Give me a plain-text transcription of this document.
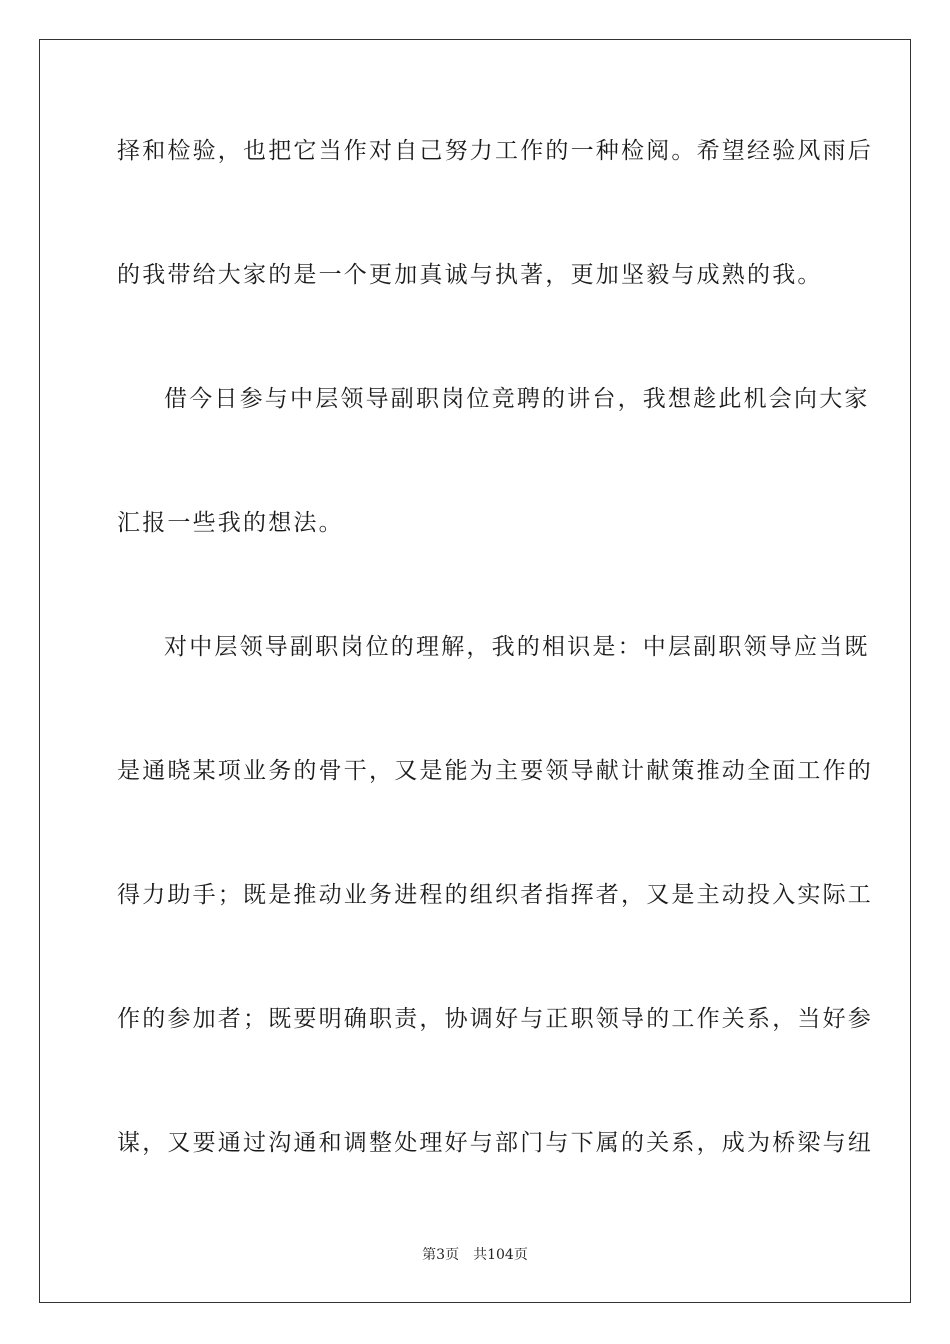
择和检验，也把它当作对自己努力工作的一种检阅。希望经验风雨后
的我带给大家的是一个更加真诚与执著，更加坚毅与成熟的我。
借今日参与中层领导副职岗位竞聘的讲台，我想趁此机会向大家
汇报一些我的想法。
对中层领导副职岗位的理解，我的相识是：中层副职领导应当既
是通晓某项业务的骨干，又是能为主要领导献计献策推动全面工作的
得力助手；既是推动业务进程的组织者指挥者，又是主动投入实际工
作的参加者；既要明确职责，协调好与正职领导的工作关系，当好参
谋，又要通过沟通和调整处理好与部门与下属的关系，成为桥梁与纽
第3页 共104页
